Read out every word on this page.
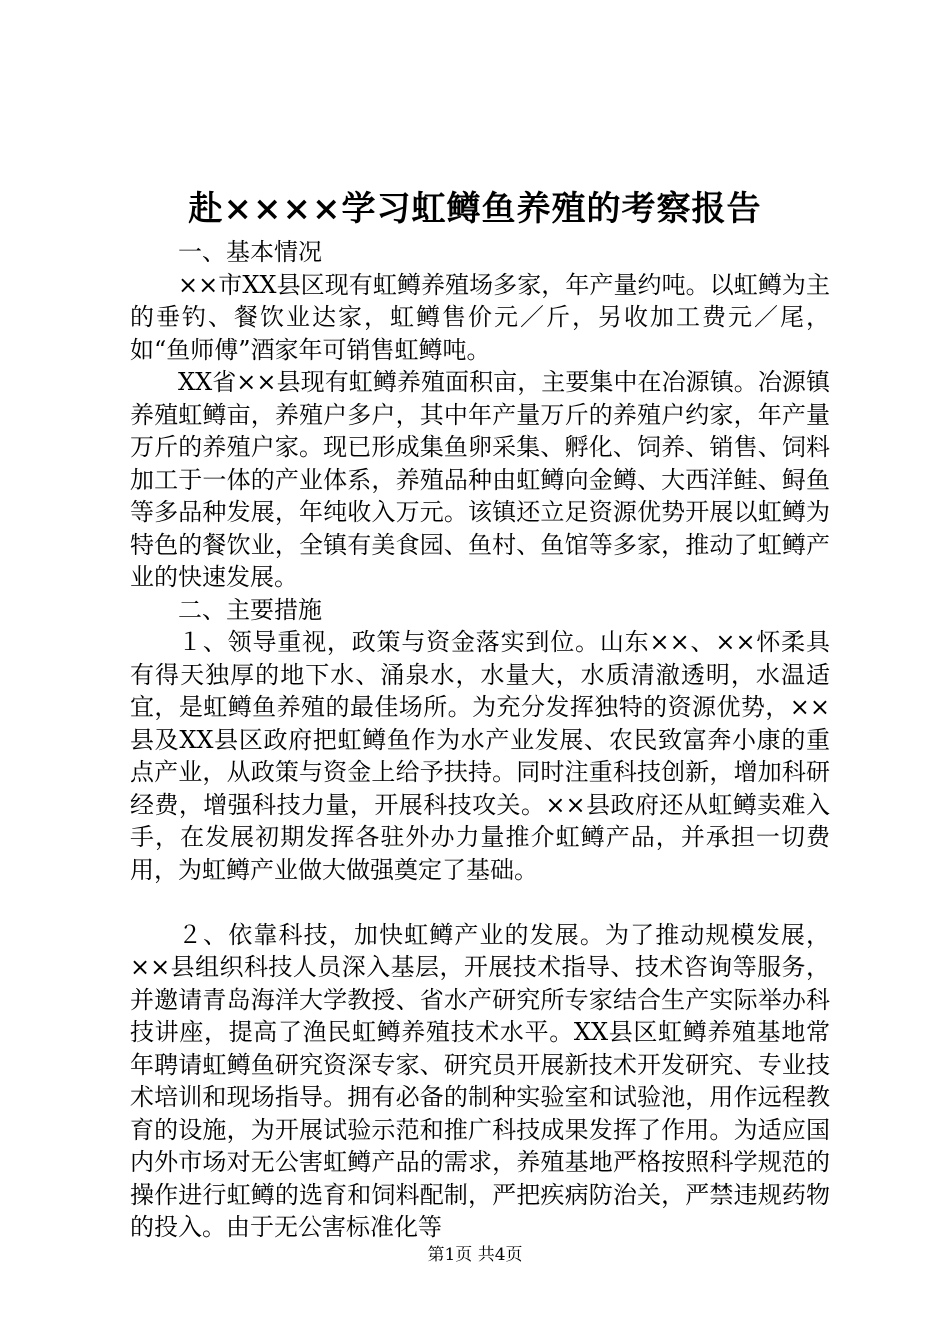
赴××××学习虹鳟鱼养殖的考察报告

一、基本情况

××市XX县区现有虹鳟养殖场多家，年产量约吨。以虹鳟为主的垂钓、餐饮业达家，虹鳟售价元／斤，另收加工费元／尾，如“鱼师傅”酒家年可销售虹鳟吨。

XX省××县现有虹鳟养殖面积亩，主要集中在冶源镇。冶源镇养殖虹鳟亩，养殖户多户，其中年产量万斤的养殖户约家，年产量万斤的养殖户家。现已形成集鱼卵采集、孵化、饲养、销售、饲料加工于一体的产业体系，养殖品种由虹鳟向金鳟、大西洋鲑、鲟鱼等多品种发展，年纯收入万元。该镇还立足资源优势开展以虹鳟为特色的餐饮业，全镇有美食园、鱼村、鱼馆等多家，推动了虹鳟产业的快速发展。

二、主要措施

１、领导重视，政策与资金落实到位。山东××、××怀柔具有得天独厚的地下水、涌泉水，水量大，水质清澈透明，水温适宜，是虹鳟鱼养殖的最佳场所。为充分发挥独特的资源优势，××县及XX县区政府把虹鳟鱼作为水产业发展、农民致富奔小康的重点产业，从政策与资金上给予扶持。同时注重科技创新，增加科研经费，增强科技力量，开展科技攻关。××县政府还从虹鳟卖难入手，在发展初期发挥各驻外办力量推介虹鳟产品，并承担一切费用，为虹鳟产业做大做强奠定了基础。

２、依靠科技，加快虹鳟产业的发展。为了推动规模发展，××县组织科技人员深入基层，开展技术指导、技术咨询等服务，并邀请青岛海洋大学教授、省水产研究所专家结合生产实际举办科技讲座，提高了渔民虹鳟养殖技术水平。XX县区虹鳟养殖基地常年聘请虹鳟鱼研究资深专家、研究员开展新技术开发研究、专业技术培训和现场指导。拥有必备的制种实验室和试验池，用作远程教育的设施，为开展试验示范和推广科技成果发挥了作用。为适应国内外市场对无公害虹鳟产品的需求，养殖基地严格按照科学规范的操作进行虹鳟的选育和饲料配制，严把疾病防治关，严禁违规药物的投入。由于无公害标准化等

第1页 共4页
